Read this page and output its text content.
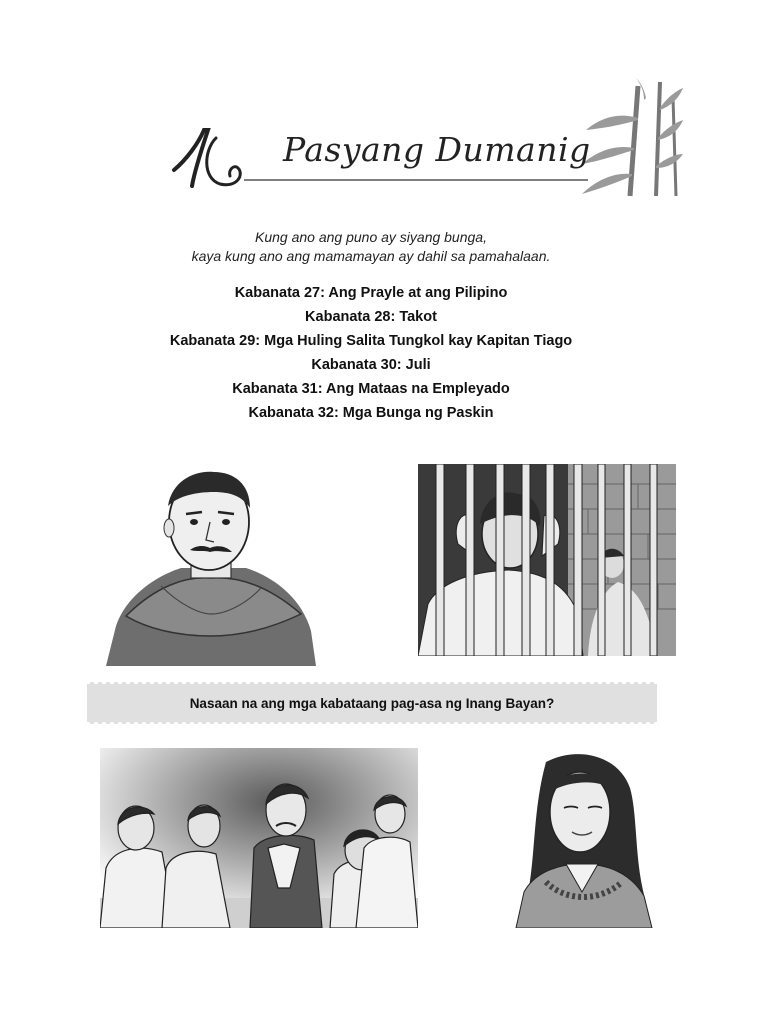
Pasyang Dumanig
Kung ano ang puno ay siyang bunga,
kaya kung ano ang mamamayan ay dahil sa pamahalaan.
Kabanata 27: Ang Prayle at ang Pilipino
Kabanata 28: Takot
Kabanata 29: Mga Huling Salita Tungkol kay Kapitan Tiago
Kabanata 30: Juli
Kabanata 31: Ang Mataas na Empleyado
Kabanata 32: Mga Bunga ng Paskin
Nasaan na ang mga kabataang pag-asa ng Inang Bayan?
